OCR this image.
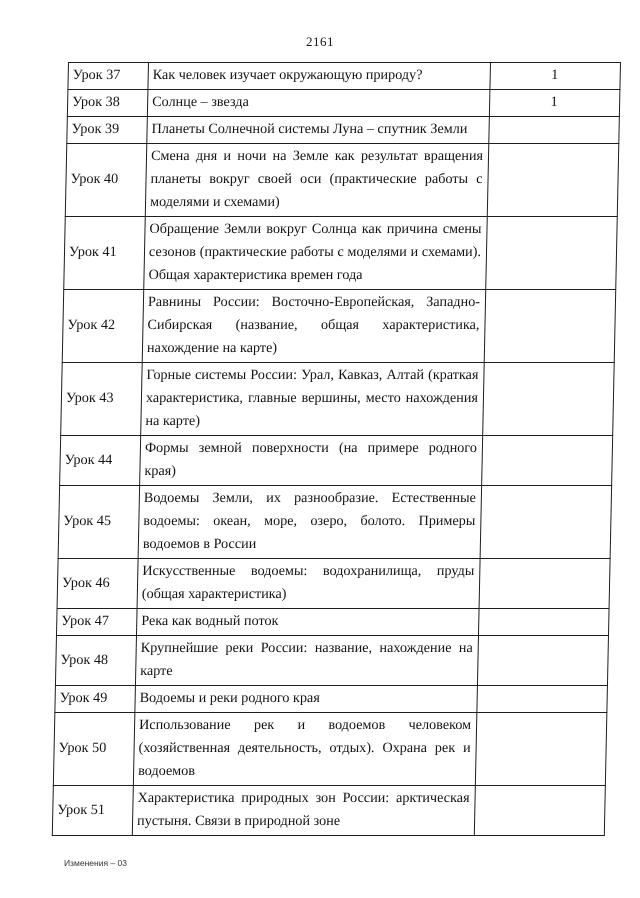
2161
Урок 37	Как человек изучает окружающую природу?	1
Урок 38	Солнце – звезда	1
Урок 39	Планеты Солнечной системы Луна – спутник Земли	
Урок 40	Смена дня и ночи на Земле как результат вращения планеты вокруг своей оси (практические работы с моделями и схемами)	
Урок 41	Обращение Земли вокруг Солнца как причина смены сезонов (практические работы с моделями и схемами). Общая характеристика времен года	
Урок 42	Равнины России: Восточно-Европейская, Западно-Сибирская (название, общая характеристика, нахождение на карте)	
Урок 43	Горные системы России: Урал, Кавказ, Алтай (краткая характеристика, главные вершины, место нахождения на карте)	
Урок 44	Формы земной поверхности (на примере родного края)	
Урок 45	Водоемы Земли, их разнообразие. Естественные водоемы: океан, море, озеро, болото. Примеры водоемов в России	
Урок 46	Искусственные водоемы: водохранилища, пруды (общая характеристика)	
Урок 47	Река как водный поток	
Урок 48	Крупнейшие реки России: название, нахождение на карте	
Урок 49	Водоемы и реки родного края	
Урок 50	Использование рек и водоемов человеком (хозяйственная деятельность, отдых). Охрана рек и водоемов	
Урок 51	Характеристика природных зон России: арктическая пустыня. Связи в природной зоне	
Изменения – 03
